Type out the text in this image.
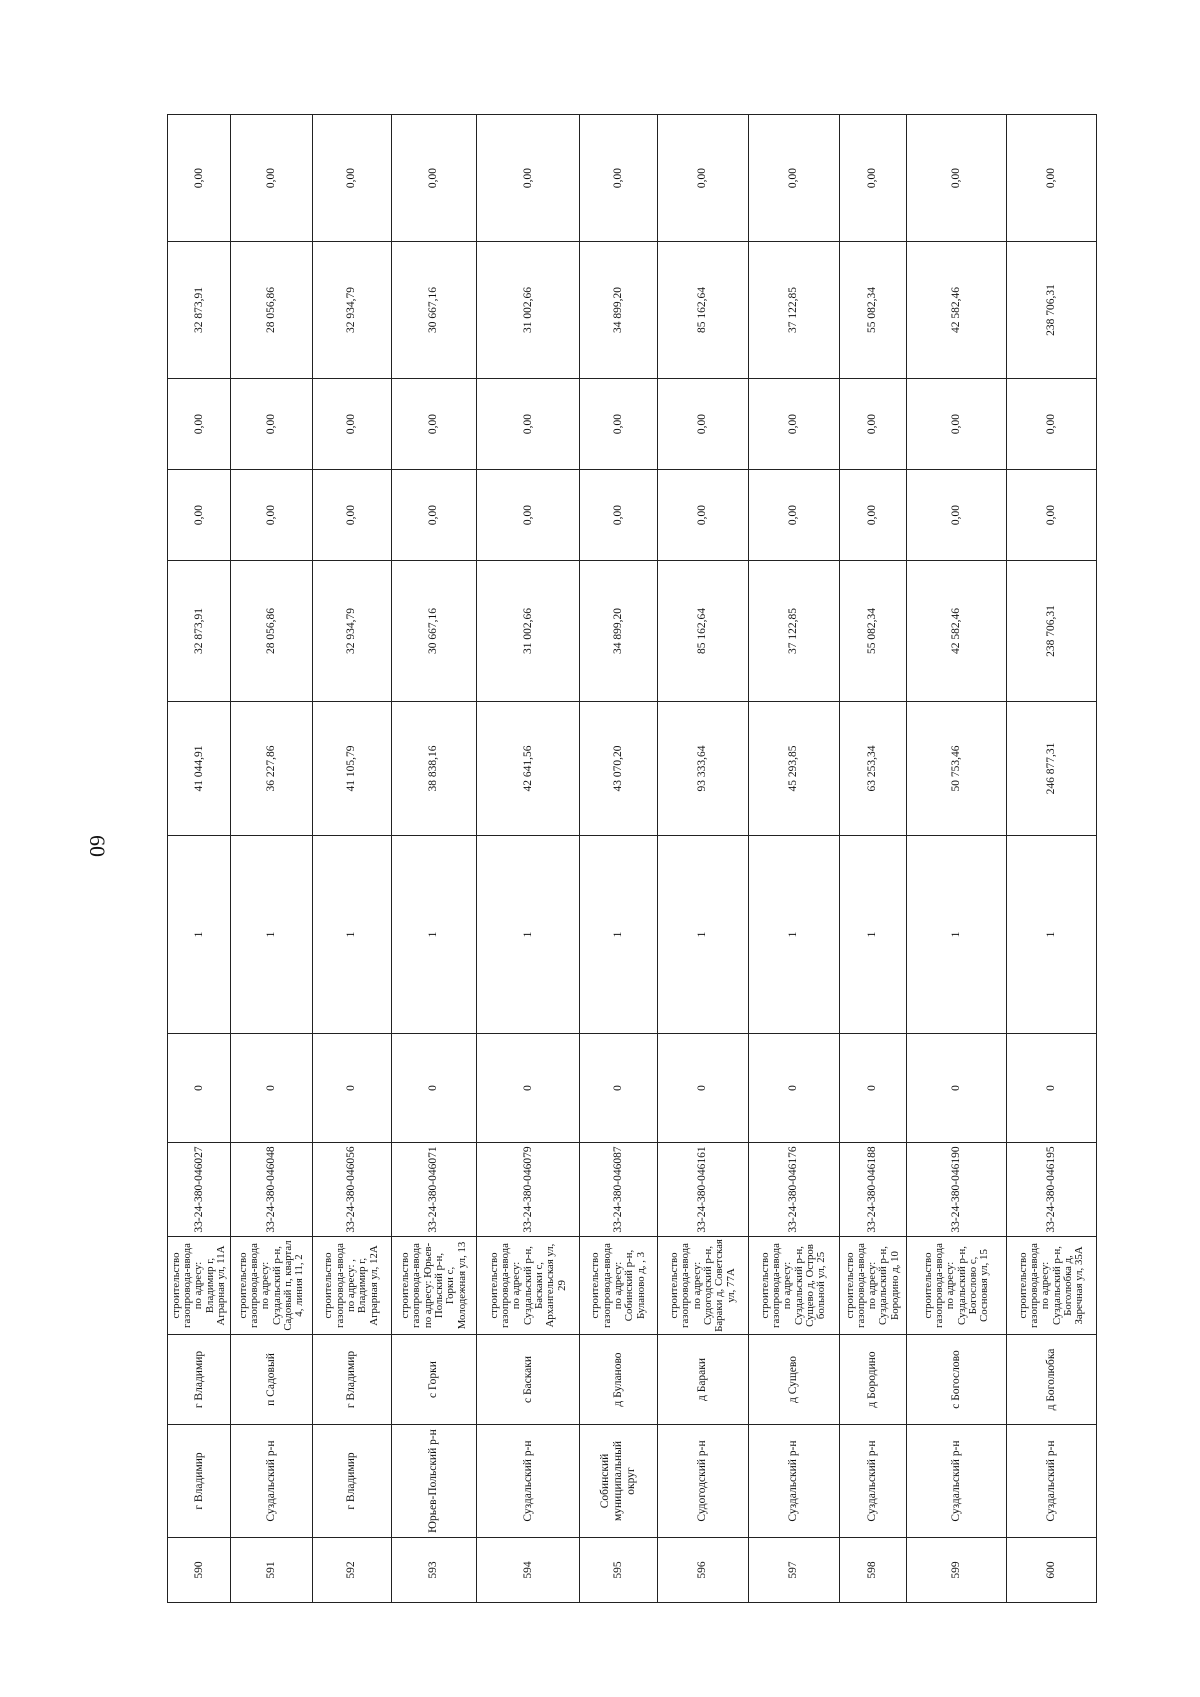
60
590	г Владимир	г Владимир	строительство газопровода-ввода по адресу: Владимир г, Аграрная ул, 11А	33-24-380-046027	0	1	41 044,91	32 873,91	0,00	0,00	32 873,91	0,00
591	Суздальский р-н	п Садовый	строительство газопровода-ввода по адресу: Суздальский р-н, Садовый п, квартал 4, линия 11, 2	33-24-380-046048	0	1	36 227,86	28 056,86	0,00	0,00	28 056,86	0,00
592	г Владимир	г Владимир	строительство газопровода-ввода по адресу: , Владимир г, Аграрная ул, 12А	33-24-380-046056	0	1	41 105,79	32 934,79	0,00	0,00	32 934,79	0,00
593	Юрьев-Польский р-н	с Горки	строительство газопровода-ввода по адресу: Юрьев-Польский р-н, Горки с, Молодежная ул, 13	33-24-380-046071	0	1	38 838,16	30 667,16	0,00	0,00	30 667,16	0,00
594	Суздальский р-н	с Баскаки	строительство газопровода-ввода по адресу: Суздальский р-н, Баскаки с, Архангельская ул, 29	33-24-380-046079	0	1	42 641,56	31 002,66	0,00	0,00	31 002,66	0,00
595	Собинский муниципальный округ	д Буланово	строительство газопровода-ввода по адресу: Собинский р-н, Буланово д, , 3	33-24-380-046087	0	1	43 070,20	34 899,20	0,00	0,00	34 899,20	0,00
596	Судогодский р-н	д Бараки	строительство газопровода-ввода по адресу: Судогодский р-н, Бараки д, Советская ул, 77А	33-24-380-046161	0	1	93 333,64	85 162,64	0,00	0,00	85 162,64	0,00
597	Суздальский р-н	д Сущево	строительство газопровода-ввода по адресу: Суздальский р-н, Сущево д, Остров больной ул, 25	33-24-380-046176	0	1	45 293,85	37 122,85	0,00	0,00	37 122,85	0,00
598	Суздальский р-н	д Бородино	строительство газопровода-ввода по адресу: Суздальский р-н, Бородино д, 10	33-24-380-046188	0	1	63 253,34	55 082,34	0,00	0,00	55 082,34	0,00
599	Суздальский р-н	с Богослово	строительство газопровода-ввода по адресу: Суздальский р-н, Богослово с, Сосновая ул, 15	33-24-380-046190	0	1	50 753,46	42 582,46	0,00	0,00	42 582,46	0,00
600	Суздальский р-н	д Боголюбка	строительство газопровода-ввода по адресу: Суздальский р-н, Боголюбка д, Заречная ул, 35А	33-24-380-046195	0	1	246 877,31	238 706,31	0,00	0,00	238 706,31	0,00
